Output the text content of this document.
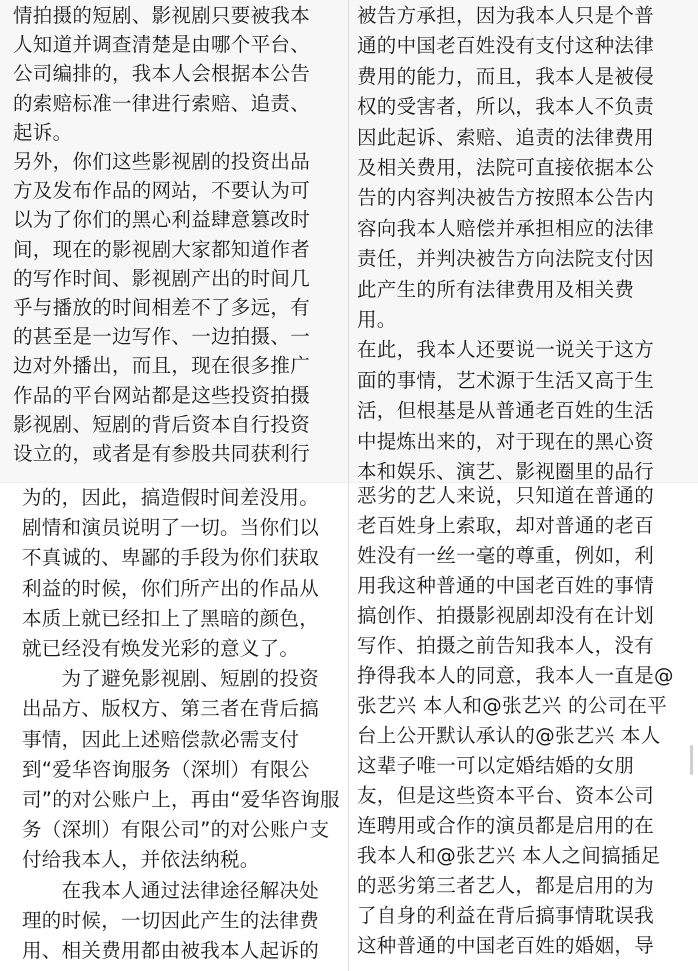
情拍摄的短剧、影视剧只要被我本
人知道并调查清楚是由哪个平台、
公司编排的，我本人会根据本公告
的索赔标准一律进行索赔、追责、
起诉。
另外，你们这些影视剧的投资出品
方及发布作品的网站，不要认为可
以为了你们的黑心利益肆意篡改时
间，现在的影视剧大家都知道作者
的写作时间、影视剧产出的时间几
乎与播放的时间相差不了多远，有
的甚至是一边写作、一边拍摄、一
边对外播出，而且，现在很多推广
作品的平台网站都是这些投资拍摄
影视剧、短剧的背后资本自行投资
设立的，或者是有参股共同获利行
为的，因此，搞造假时间差没用。
剧情和演员说明了一切。当你们以
不真诚的、卑鄙的手段为你们获取
利益的时候，你们所产出的作品从
本质上就已经扣上了黑暗的颜色，
就已经没有焕发光彩的意义了。
　　为了避免影视剧、短剧的投资
出品方、版权方、第三者在背后搞
事情，因此上述赔偿款必需支付
到“爱华咨询服务（深圳）有限公
司”的对公账户上，再由“爱华咨询服
务（深圳）有限公司”的对公账户支
付给我本人，并依法纳税。
　　在我本人通过法律途径解决处
理的时候，一切因此产生的法律费
用、相关费用都由被我本人起诉的
被告方承担，因为我本人只是个普
通的中国老百姓没有支付这种法律
费用的能力，而且，我本人是被侵
权的受害者，所以，我本人不负责
因此起诉、索赔、追责的法律费用
及相关费用，法院可直接依据本公
告的内容判决被告方按照本公告内
容向我本人赔偿并承担相应的法律
责任，并判决被告方向法院支付因
此产生的所有法律费用及相关费
用。
在此，我本人还要说一说关于这方
面的事情，艺术源于生活又高于生
活，但根基是从普通老百姓的生活
中提炼出来的，对于现在的黑心资
本和娱乐、演艺、影视圈里的品行
恶劣的艺人来说，只知道在普通的
老百姓身上索取，却对普通的老百
姓没有一丝一毫的尊重，例如，利
用我这种普通的中国老百姓的事情
搞创作、拍摄影视剧却没有在计划
写作、拍摄之前告知我本人，没有
挣得我本人的同意，我本人一直是@
张艺兴 本人和@张艺兴 的公司在平
台上公开默认承认的@张艺兴 本人
这辈子唯一可以定婚结婚的女朋
友，但是这些资本平台、资本公司
连聘用或合作的演员都是启用的在
我本人和@张艺兴 本人之间搞插足
的恶劣第三者艺人，都是启用的为
了自身的利益在背后搞事情耽误我
这种普通的中国老百姓的婚姻，导
